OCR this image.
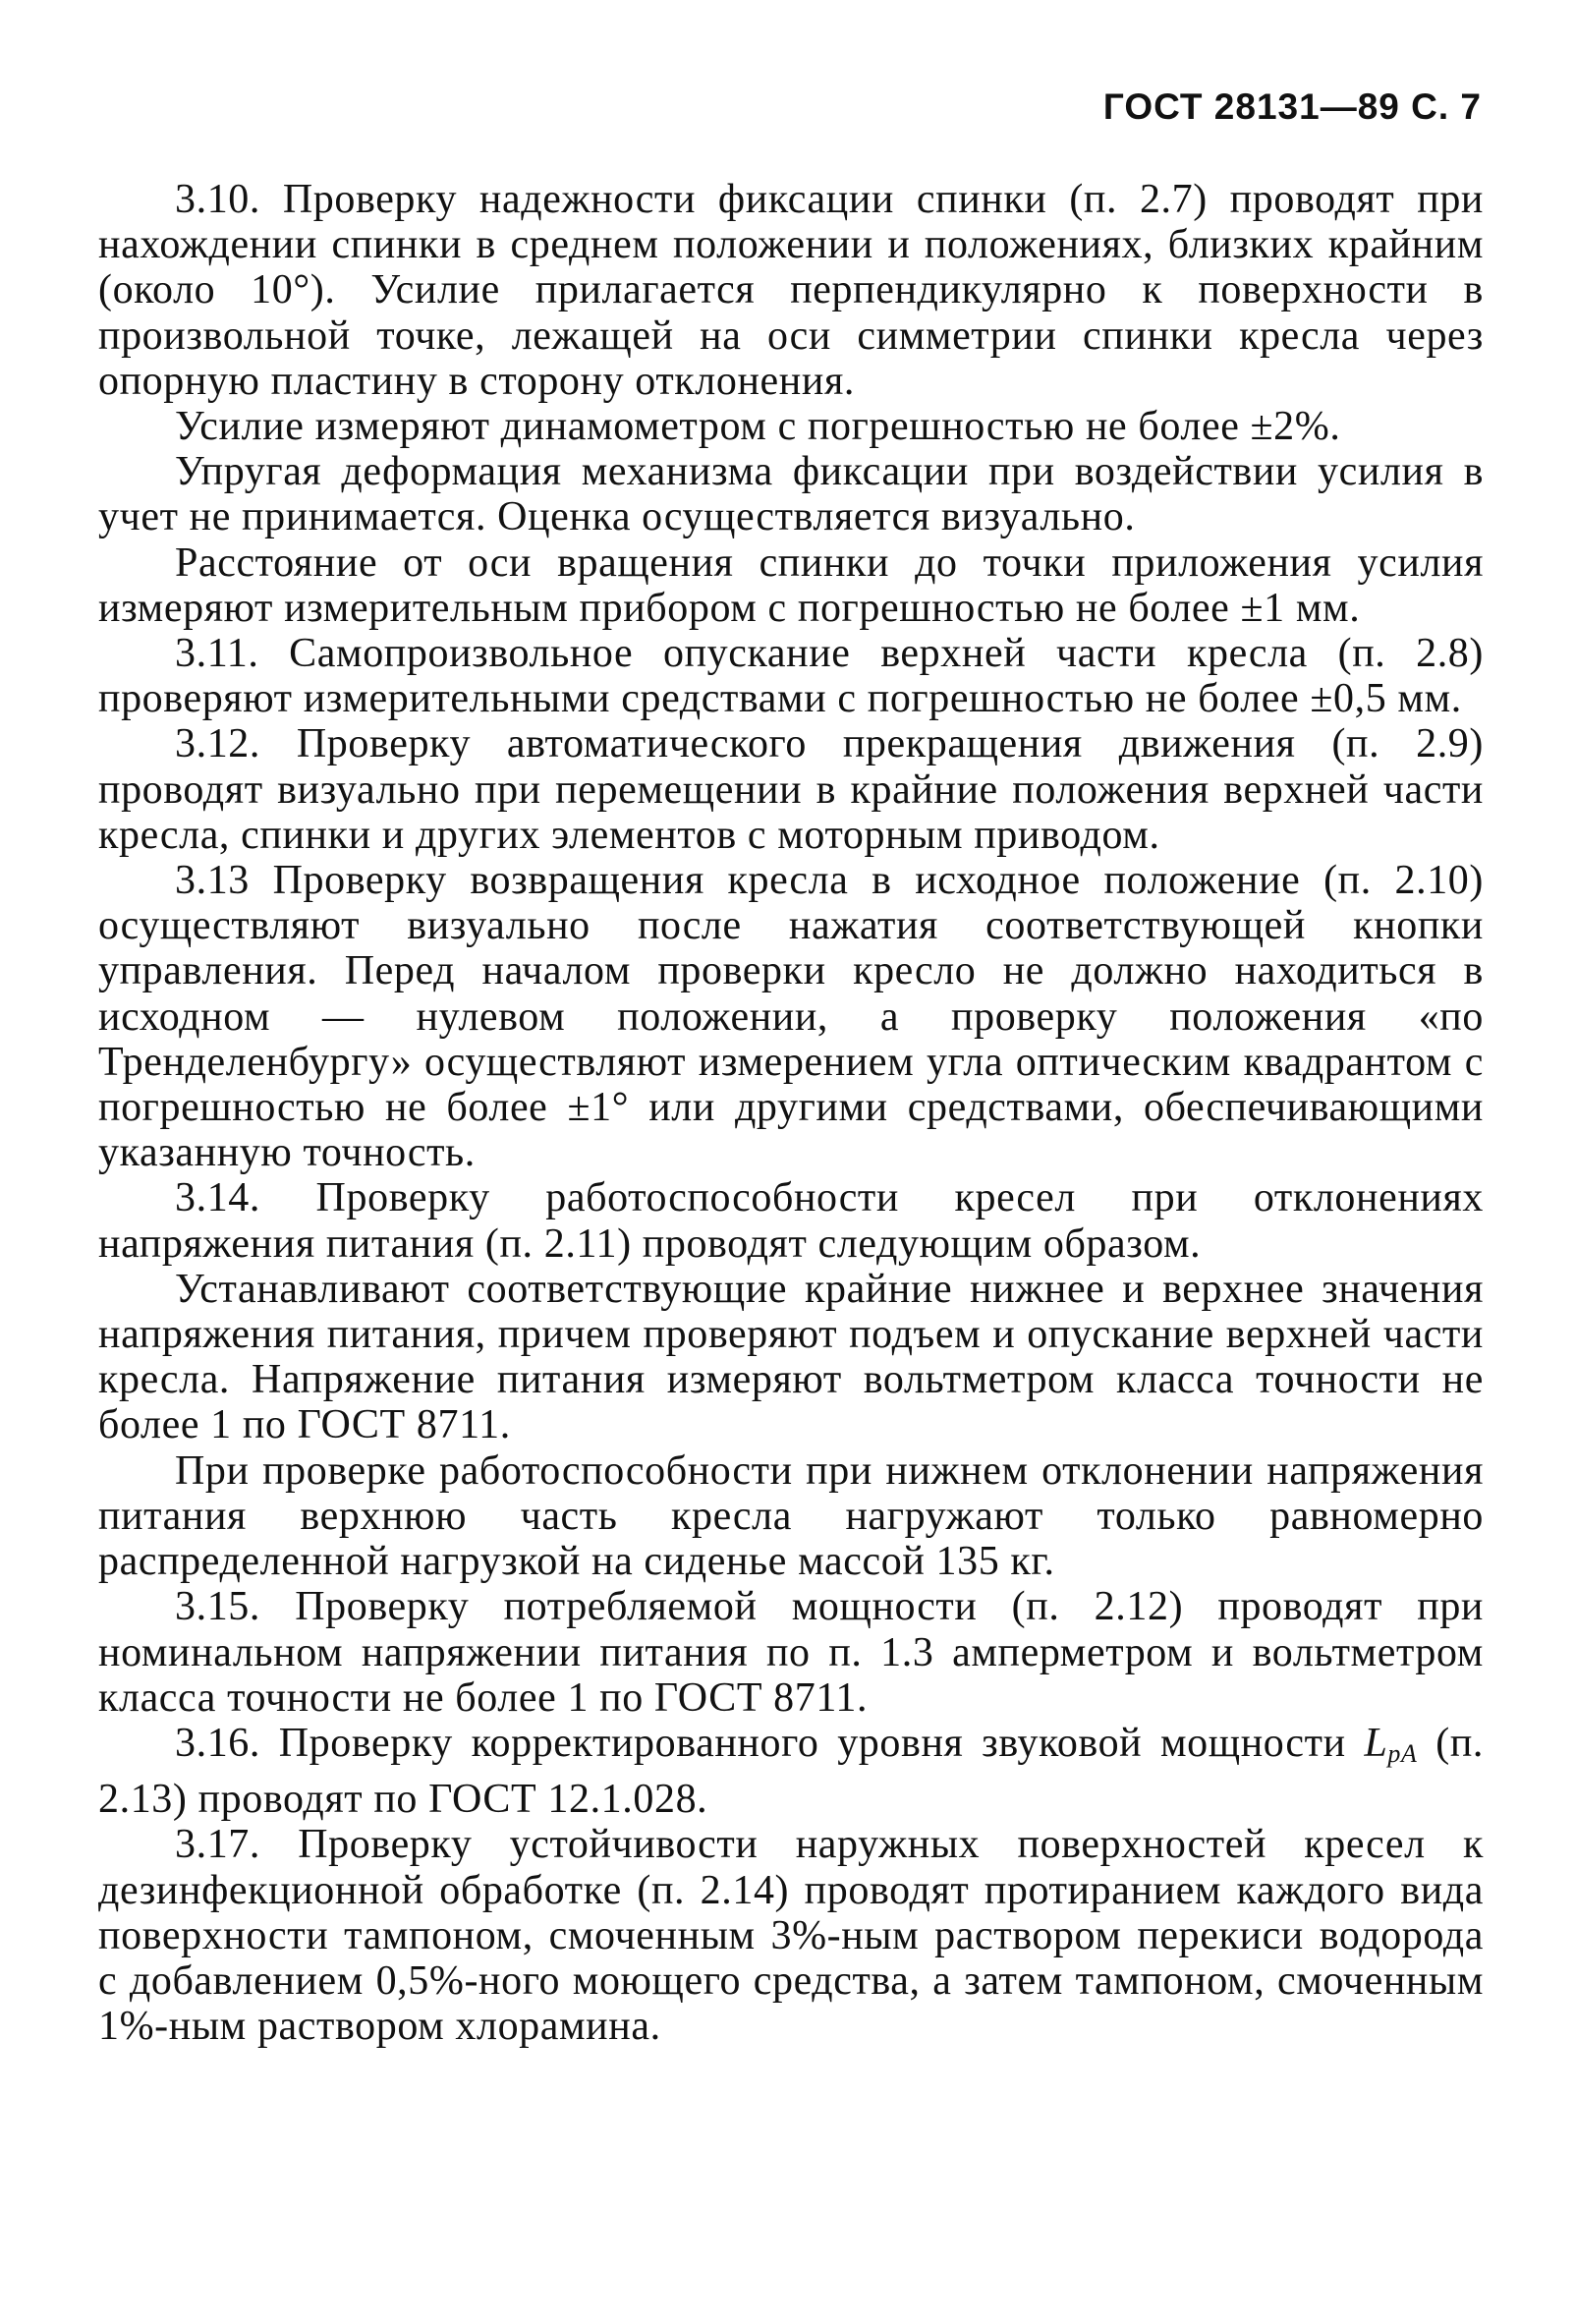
ГОСТ 28131—89 С. 7

3.10. Проверку надежности фиксации спинки (п. 2.7) проводят при нахождении спинки в среднем положении и положениях, близких крайним (около 10°). Усилие прилагается перпендикулярно к поверхности в произвольной точке, лежащей на оси симметрии спинки кресла через опорную пластину в сторону отклонения.

Усилие измеряют динамометром с погрешностью не более ±2%.

Упругая деформация механизма фиксации при воздействии усилия в учет не принимается. Оценка осуществляется визуально.

Расстояние от оси вращения спинки до точки приложения усилия измеряют измерительным прибором с погрешностью не более ±1 мм.

3.11. Самопроизвольное опускание верхней части кресла (п. 2.8) проверяют измерительными средствами с погрешностью не более ±0,5 мм.

3.12. Проверку автоматического прекращения движения (п. 2.9) проводят визуально при перемещении в крайние положения верхней части кресла, спинки и других элементов с моторным приводом.

3.13 Проверку возвращения кресла в исходное положение (п. 2.10) осуществляют визуально после нажатия соответствующей кнопки управления. Перед началом проверки кресло не должно находиться в исходном — нулевом положении, а проверку положения «по Тренделенбургу» осуществляют измерением угла оптическим квадрантом с погрешностью не более ±1° или другими средствами, обеспечивающими указанную точность.

3.14. Проверку работоспособности кресел при отклонениях напряжения питания (п. 2.11) проводят следующим образом.

Устанавливают соответствующие крайние нижнее и верхнее значения напряжения питания, причем проверяют подъем и опускание верхней части кресла. Напряжение питания измеряют вольтметром класса точности не более 1 по ГОСТ 8711.

При проверке работоспособности при нижнем отклонении напряжения питания верхнюю часть кресла нагружают только равномерно распределенной нагрузкой на сиденье массой 135 кг.

3.15. Проверку потребляемой мощности (п. 2.12) проводят при номинальном напряжении питания по п. 1.3 амперметром и вольтметром класса точности не более 1 по ГОСТ 8711.

3.16. Проверку корректированного уровня звуковой мощности $L_{pA}$ (п. 2.13) проводят по ГОСТ 12.1.028.

3.17. Проверку устойчивости наружных поверхностей кресел к дезинфекционной обработке (п. 2.14) проводят протиранием каждого вида поверхности тампоном, смоченным 3%-ным раствором перекиси водорода с добавлением 0,5%-ного моющего средства, а затем тампоном, смоченным 1%-ным раствором хлорамина.
